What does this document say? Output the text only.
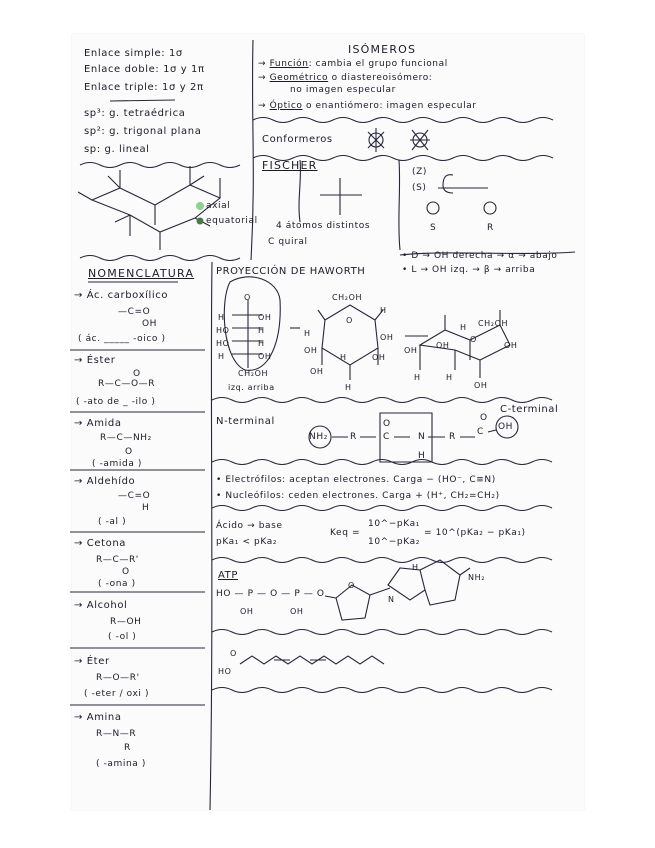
Enlace simple: 1σ
Enlace doble: 1σ y 1π
Enlace triple: 1σ y 2π
sp³: g. tetraédrica
sp²: g. trigonal plana
sp: g. lineal
axial
equatorial
NOMENCLATURA
→ Ác. carboxílico
—C=O
OH
( ác. _____ -oico )
→ Éster
O
R—C—O—R
( -ato de _ -ilo )
→ Amida
R—C—NH₂
O
( -amida )
→ Aldehído
—C=O
H
( -al )
→ Cetona
R—C—R'
O
( -ona )
→ Alcohol
R—OH
( -ol )
→ Éter
R—O—R'
( -eter / oxi )
→ Amina
R—N—R
R
( -amina )
ISÓMEROS
→ Función: cambia el grupo funcional
→ Geométrico o diastereoisómero:
no imagen especular
→ Óptico o enantiómero: imagen especular
Conformeros
FISCHER
4 átomos distintos
C quiral
(Z)
(S)
S	R
• D → OH derecha → α → abajo
• L → OH izq. → β → arriba
PROYECCIÓN DE HAWORTH
O
H	OH
HO
HO
H
H
H	OH
CH₂OH
izq. arriba
CH₂OH
O
H
OH
H
OH
H	OH
OH
H
CH₂OH
H
OH
OH
O
OH
H	H
OH
N-terminal
C-terminal
NH₂ R	C
O
N
H
R C
O
OH
• Electrófilos: aceptan electrones. Carga − (HO⁻, C≡N)
• Nucleófilos: ceden electrones. Carga + (H⁺, CH₂=CH₂)
Ácido → base
pKa₁ < pKa₂
Keq =
10^−pKa₁
10^−pKa₂
= 10^(pKa₂ − pKa₁)
ATP
HO — P — O — P — O
OH	OH
NH₂
N
O
H
HO
O
